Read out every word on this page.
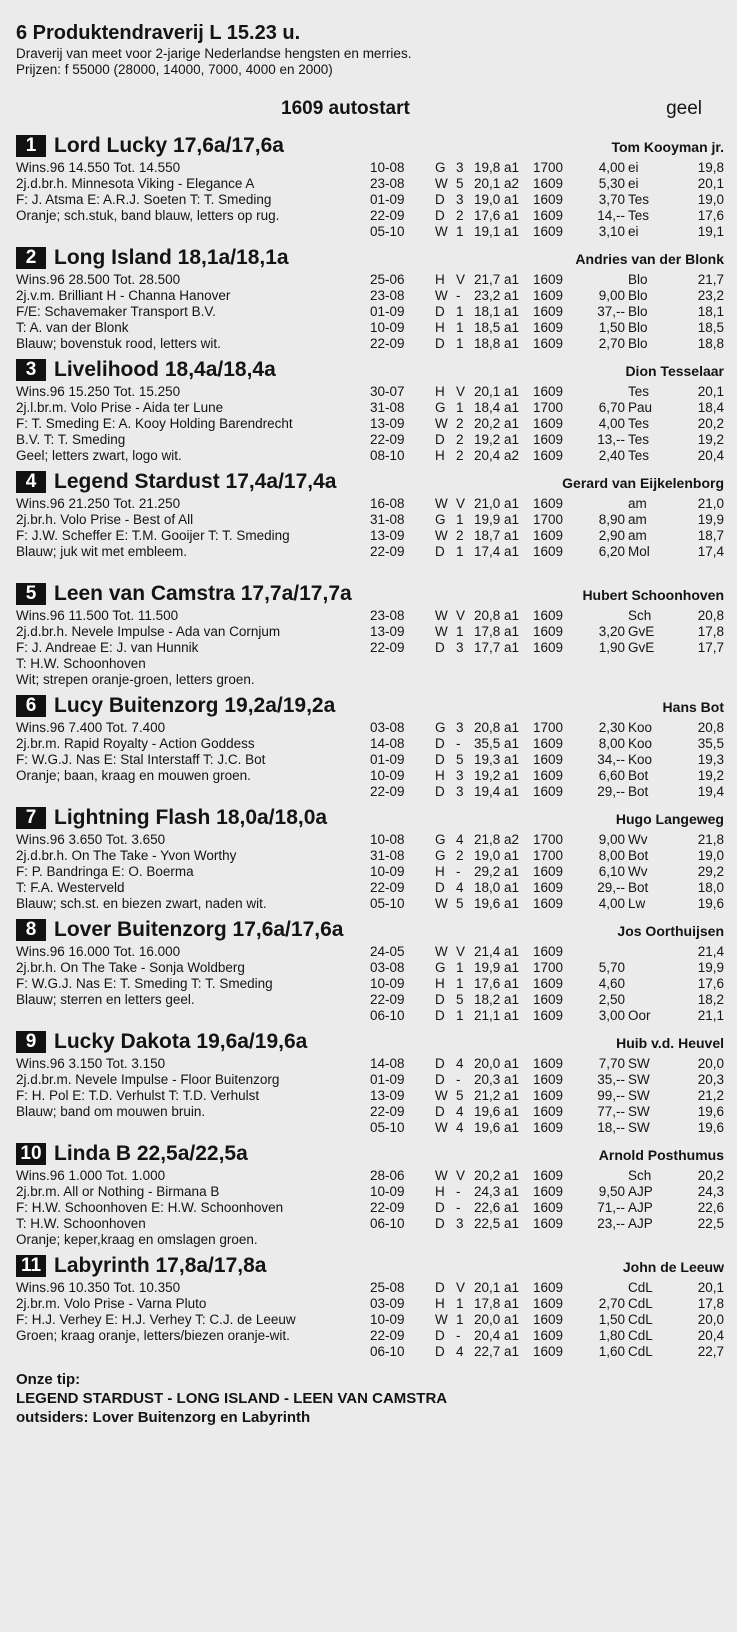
6 Produktendraverij L 15.23 u.
Draverij van meet voor 2-jarige Nederlandse hengsten en merries.
Prijzen: f 55000 (28000, 14000, 7000, 4000 en 2000)
1609 autostart	geel
1 Lord Lucky 17,6a/17,6a	Tom Kooyman jr.
Wins.96 14.550 Tot. 14.550
2j.d.br.h. Minnesota Viking - Elegance A
F: J. Atsma E: A.R.J. Soeten T: T. Smeding
Oranje; sch.stuk, band blauw, letters op rug.
10-08 G 3 19,8 a1 1700	4,00 ei	19,8
23-08 W 5 20,1 a2 1609	5,30 ei	20,1
01-09 D 3 19,0 a1 1609	3,70 Tes	19,0
22-09 D 2 17,6 a1 1609	14,-- Tes	17,6
05-10 W 1 19,1 a1 1609	3,10 ei	19,1
2 Long Island 18,1a/18,1a	Andries van der Blonk
Wins.96 28.500 Tot. 28.500
2j.v.m. Brilliant H - Channa Hanover
F/E: Schavemaker Transport B.V.
T: A. van der Blonk
Blauw; bovenstuk rood, letters wit.
25-06 H V 21,7 a1 1609	Blo	21,7
23-08 W - 23,2 a1 1609	9,00 Blo	23,2
01-09 D 1 18,1 a1 1609	37,-- Blo	18,1
10-09 H 1 18,5 a1 1609	1,50 Blo	18,5
22-09 D 1 18,8 a1 1609	2,70 Blo	18,8
3 Livelihood 18,4a/18,4a	Dion Tesselaar
Wins.96 15.250 Tot. 15.250
2j.l.br.m. Volo Prise - Aida ter Lune
F: T. Smeding E: A. Kooy Holding Barendrecht
B.V. T: T. Smeding
Geel; letters zwart, logo wit.
30-07 H V 20,1 a1 1609	Tes	20,1
31-08 G 1 18,4 a1 1700	6,70 Pau	18,4
13-09 W 2 20,2 a1 1609	4,00 Tes	20,2
22-09 D 2 19,2 a1 1609	13,-- Tes	19,2
08-10 H 2 20,4 a2 1609	2,40 Tes	20,4
4 Legend Stardust 17,4a/17,4a	Gerard van Eijkelenborg
Wins.96 21.250 Tot. 21.250
2j.br.h. Volo Prise - Best of All
F: J.W. Scheffer E: T.M. Gooijer T: T. Smeding
Blauw; juk wit met embleem.
16-08 W V 21,0 a1 1609	am	21,0
31-08 G 1 19,9 a1 1700	8,90 am	19,9
13-09 W 2 18,7 a1 1609	2,90 am	18,7
22-09 D 1 17,4 a1 1609	6,20 Mol	17,4
5 Leen van Camstra 17,7a/17,7a	Hubert Schoonhoven
Wins.96 11.500 Tot. 11.500
2j.d.br.h. Nevele Impulse - Ada van Cornjum
F: J. Andreae E: J. van Hunnik
T: H.W. Schoonhoven
Wit; strepen oranje-groen, letters groen.
23-08 W V 20,8 a1 1609	Sch	20,8
13-09 W 1 17,8 a1 1609	3,20 GvE	17,8
22-09 D 3 17,7 a1 1609	1,90 GvE	17,7
6 Lucy Buitenzorg 19,2a/19,2a	Hans Bot
Wins.96 7.400 Tot. 7.400
2j.br.m. Rapid Royalty - Action Goddess
F: W.G.J. Nas E: Stal Interstaff T: J.C. Bot
Oranje; baan, kraag en mouwen groen.
03-08 G 3 20,8 a1 1700	2,30 Koo	20,8
14-08 D - 35,5 a1 1609	8,00 Koo	35,5
01-09 D 5 19,3 a1 1609	34,-- Koo	19,3
10-09 H 3 19,2 a1 1609	6,60 Bot	19,2
22-09 D 3 19,4 a1 1609	29,-- Bot	19,4
7 Lightning Flash 18,0a/18,0a	Hugo Langeweg
Wins.96 3.650 Tot. 3.650
2j.d.br.h. On The Take - Yvon Worthy
F: P. Bandringa E: O. Boerma
T: F.A. Westerveld
Blauw; sch.st. en biezen zwart, naden wit.
10-08 G 4 21,8 a2 1700	9,00 Wv	21,8
31-08 G 2 19,0 a1 1700	8,00 Bot	19,0
10-09 H - 29,2 a1 1609	6,10 Wv	29,2
22-09 D 4 18,0 a1 1609	29,-- Bot	18,0
05-10 W 5 19,6 a1 1609	4,00 Lw	19,6
8 Lover Buitenzorg 17,6a/17,6a	Jos Oorthuijsen
Wins.96 16.000 Tot. 16.000
2j.br.h. On The Take - Sonja Woldberg
F: W.G.J. Nas E: T. Smeding T: T. Smeding
Blauw; sterren en letters geel.
24-05 W V 21,4 a1 1609	21,4
03-08 G 1 19,9 a1 1700	5,70	19,9
10-09 H 1 17,6 a1 1609	4,60	17,6
22-09 D 5 18,2 a1 1609	2,50	18,2
06-10 D 1 21,1 a1 1609	3,00 Oor	21,1
9 Lucky Dakota 19,6a/19,6a	Huib v.d. Heuvel
Wins.96 3.150 Tot. 3.150
2j.d.br.m. Nevele Impulse - Floor Buitenzorg
F: H. Pol E: T.D. Verhulst T: T.D. Verhulst
Blauw; band om mouwen bruin.
14-08 D 4 20,0 a1 1609	7,70 SW	20,0
01-09 D - 20,3 a1 1609	35,-- SW	20,3
13-09 W 5 21,2 a1 1609	99,-- SW	21,2
22-09 D 4 19,6 a1 1609	77,-- SW	19,6
05-10 W 4 19,6 a1 1609	18,-- SW	19,6
10 Linda B 22,5a/22,5a	Arnold Posthumus
Wins.96 1.000 Tot. 1.000
2j.br.m. All or Nothing - Birmana B
F: H.W. Schoonhoven E: H.W. Schoonhoven
T: H.W. Schoonhoven
Oranje; keper,kraag en omslagen groen.
28-06 W V 20,2 a1 1609	Sch	20,2
10-09 H - 24,3 a1 1609	9,50 AJP	24,3
22-09 D - 22,6 a1 1609	71,-- AJP	22,6
06-10 D 3 22,5 a1 1609	23,-- AJP	22,5
11 Labyrinth 17,8a/17,8a	John de Leeuw
Wins.96 10.350 Tot. 10.350
2j.br.m. Volo Prise - Varna Pluto
F: H.J. Verhey E: H.J. Verhey T: C.J. de Leeuw
Groen; kraag oranje, letters/biezen oranje-wit.
25-08 D V 20,1 a1 1609	CdL	20,1
03-09 H 1 17,8 a1 1609	2,70 CdL	17,8
10-09 W 1 20,0 a1 1609	1,50 CdL	20,0
22-09 D - 20,4 a1 1609	1,80 CdL	20,4
06-10 D 4 22,7 a1 1609	1,60 CdL	22,7
Onze tip:
LEGEND STARDUST - LONG ISLAND - LEEN VAN CAMSTRA
outsiders: Lover Buitenzorg en Labyrinth
